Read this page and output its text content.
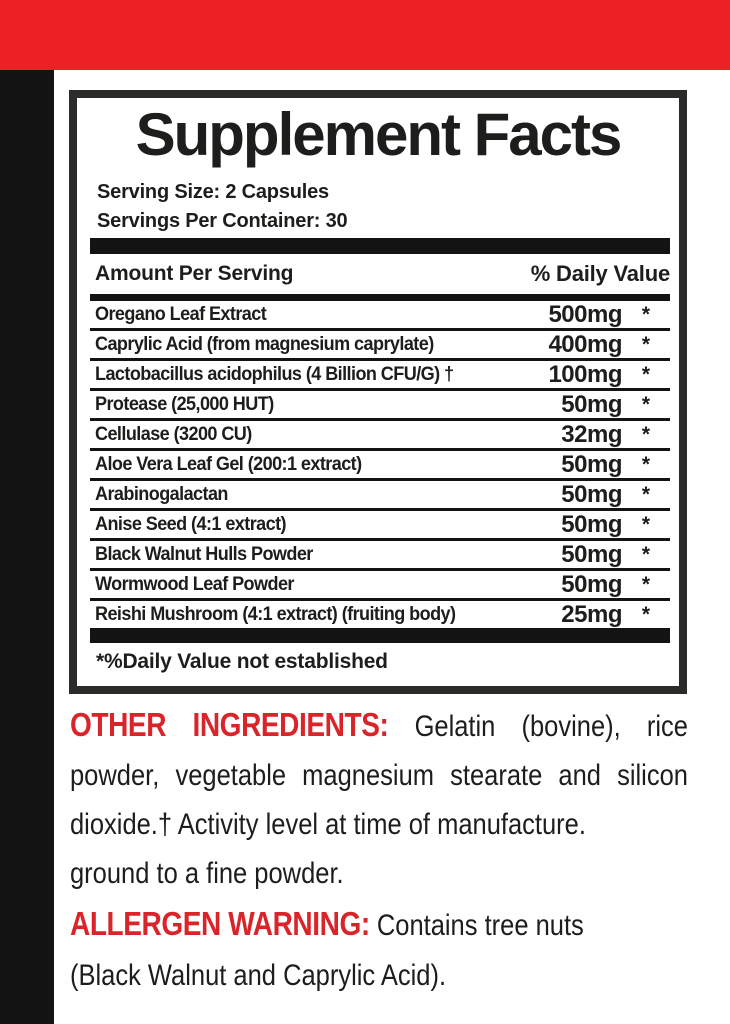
Supplement Facts
Serving Size: 2 Capsules
Servings Per Container: 30
Amount Per Serving	% Daily Value
Oregano Leaf Extract	500mg *
Caprylic Acid (from magnesium caprylate)	400mg *
Lactobacillus acidophilus (4 Billion CFU/G) †	100mg *
Protease (25,000 HUT)	50mg *
Cellulase (3200 CU)	32mg *
Aloe Vera Leaf Gel (200:1 extract)	50mg *
Arabinogalactan	50mg *
Anise Seed (4:1 extract)	50mg *
Black Walnut Hulls Powder	50mg *
Wormwood Leaf Powder	50mg *
Reishi Mushroom (4:1 extract) (fruiting body)	25mg *
*%Daily Value not established
OTHER INGREDIENTS: Gelatin (bovine), rice
powder, vegetable magnesium stearate and silicon
dioxide.† Activity level at time of manufacture.
ground to a fine powder.
ALLERGEN WARNING: Contains tree nuts
(Black Walnut and Caprylic Acid).
